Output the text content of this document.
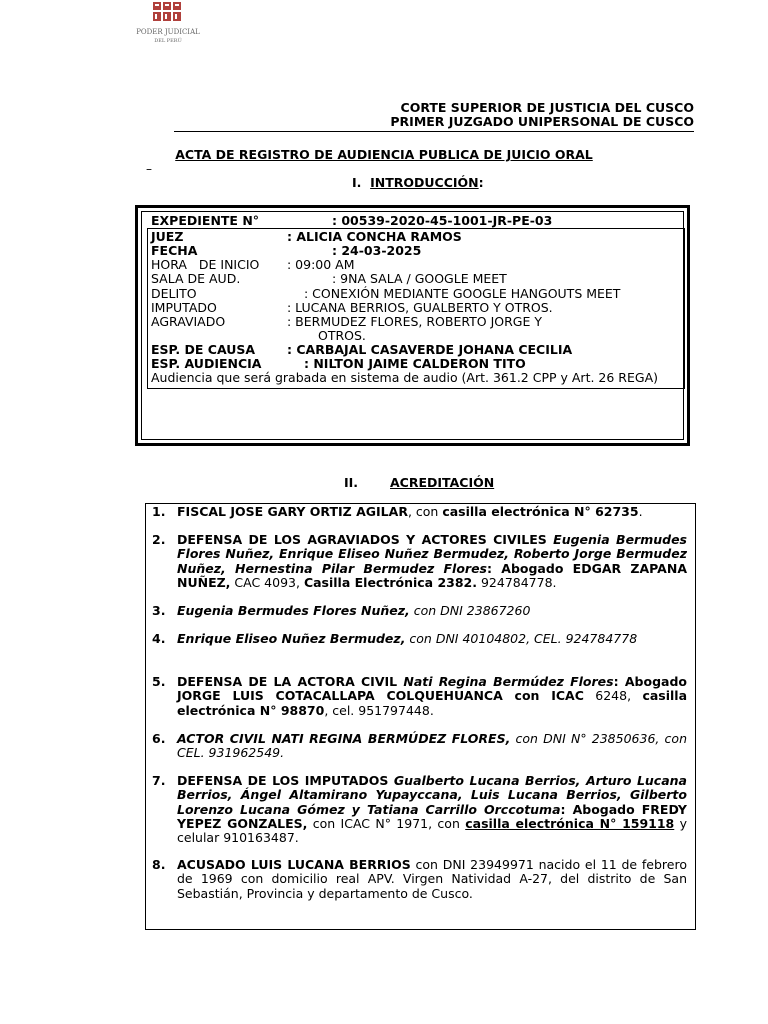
PODER JUDICIAL
DEL PERÚ
CORTE SUPERIOR DE JUSTICIA DEL CUSCO
PRIMER JUZGADO UNIPERSONAL DE CUSCO
ACTA DE REGISTRO DE AUDIENCIA PUBLICA DE JUICIO ORAL
–
I. INTRODUCCIÓN:
EXPEDIENTE N°	: 00539-2020-45-1001-JR-PE-03
JUEZ	: ALICIA CONCHA RAMOS
FECHA	: 24-03-2025
HORA   DE INICIO : 09:00 AM
SALA DE AUD.	: 9NA SALA / GOOGLE MEET
DELITO	: CONEXIÓN MEDIANTE GOOGLE HANGOUTS MEET
IMPUTADO	: LUCANA BERRIOS, GUALBERTO Y OTROS.
AGRAVIADO	: BERMUDEZ FLORES, ROBERTO JORGE Y
OTROS.
ESP. DE CAUSA	: CARBAJAL CASAVERDE JOHANA CECILIA
ESP. AUDIENCIA	: NILTON JAIME CALDERON TITO
Audiencia que será grabada en sistema de audio (Art. 361.2 CPP y Art. 26 REGA)
II.	ACREDITACIÓN
1. FISCAL JOSE GARY ORTIZ AGILAR, con casilla electrónica N° 62735.
2. DEFENSA DE LOS AGRAVIADOS Y ACTORES CIVILES Eugenia Bermudes Flores Nuñez, Enrique Eliseo Nuñez Bermudez, Roberto Jorge Bermudez Nuñez, Hernestina Pilar Bermudez Flores: Abogado EDGAR ZAPANA NUÑEZ, CAC 4093, Casilla Electrónica 2382. 924784778.
3. Eugenia Bermudes Flores Nuñez, con DNI 23867260
4. Enrique Eliseo Nuñez Bermudez, con DNI 40104802, CEL. 924784778
5. DEFENSA DE LA ACTORA CIVIL Nati Regina Bermúdez Flores: Abogado JORGE LUIS COTACALLAPA COLQUEHUANCA con ICAC 6248, casilla electrónica N° 98870, cel. 951797448.
6. ACTOR CIVIL NATI REGINA BERMÚDEZ FLORES, con DNI N° 23850636, con CEL. 931962549.
7. DEFENSA DE LOS IMPUTADOS Gualberto Lucana Berrios, Arturo Lucana Berrios, Ángel Altamirano Yupayccana, Luis Lucana Berrios, Gilberto Lorenzo Lucana Gómez y Tatiana Carrillo Orccotuma: Abogado FREDY YEPEZ GONZALES, con ICAC N° 1971, con casilla electrónica N° 159118 y celular 910163487.
8. ACUSADO LUIS LUCANA BERRIOS con DNI 23949971 nacido el 11 de febrero de 1969 con domicilio real APV. Virgen Natividad A-27, del distrito de San Sebastián, Provincia y departamento de Cusco.
